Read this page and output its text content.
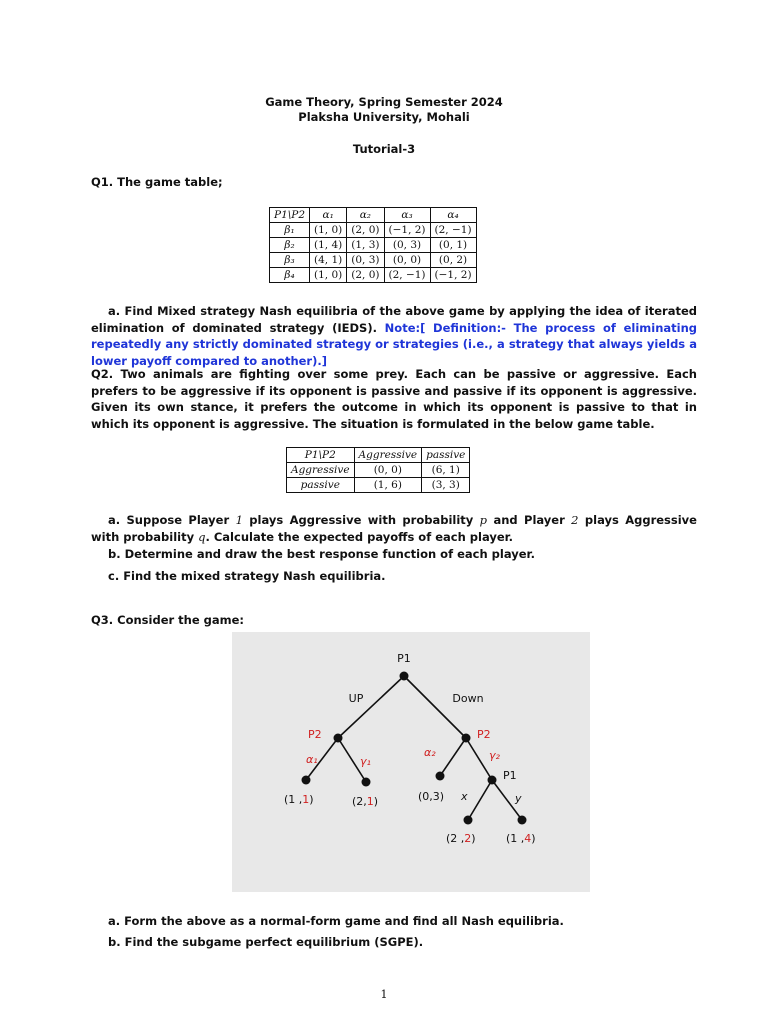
Game Theory, Spring Semester 2024
Plaksha University, Mohali
Tutorial-3
Q1. The game table;
P1\P2	α₁	α₂	α₃	α₄
β₁	(1, 0)	(2, 0)	(−1, 2)	(2, −1)
β₂	(1, 4)	(1, 3)	(0, 3)	(0, 1)
β₃	(4, 1)	(0, 3)	(0, 0)	(0, 2)
β₄	(1, 0)	(2, 0)	(2, −1)	(−1, 2)
a. Find Mixed strategy Nash equilibria of the above game by applying the idea of iterated elimination of dominated strategy (IEDS). Note:[ Definition:- The process of eliminating repeatedly any strictly dominated strategy or strategies (i.e., a strategy that always yields a lower payoff compared to another).]
Q2. Two animals are fighting over some prey. Each can be passive or aggressive. Each prefers to be aggressive if its opponent is passive and passive if its opponent is aggressive. Given its own stance, it prefers the outcome in which its opponent is passive to that in which its opponent is aggressive. The situation is formulated in the below game table.
P1\P2	Aggressive	passive
Aggressive	(0, 0)	(6, 1)
passive	(1, 6)	(3, 3)
a. Suppose Player 1 plays Aggressive with probability p and Player 2 plays Aggressive with probability q. Calculate the expected payoffs of each player.
b. Determine and draw the best response function of each player.
c. Find the mixed strategy Nash equilibria.
Q3. Consider the game:
P1
UP	Down
P2	P2
α₁	γ₁
α₂	γ₂
P1
x	y
(1 ,1)	(2,1)	(0,3)
(2 ,2)	(1 ,4)
a. Form the above as a normal-form game and find all Nash equilibria.
b. Find the subgame perfect equilibrium (SGPE).
1
